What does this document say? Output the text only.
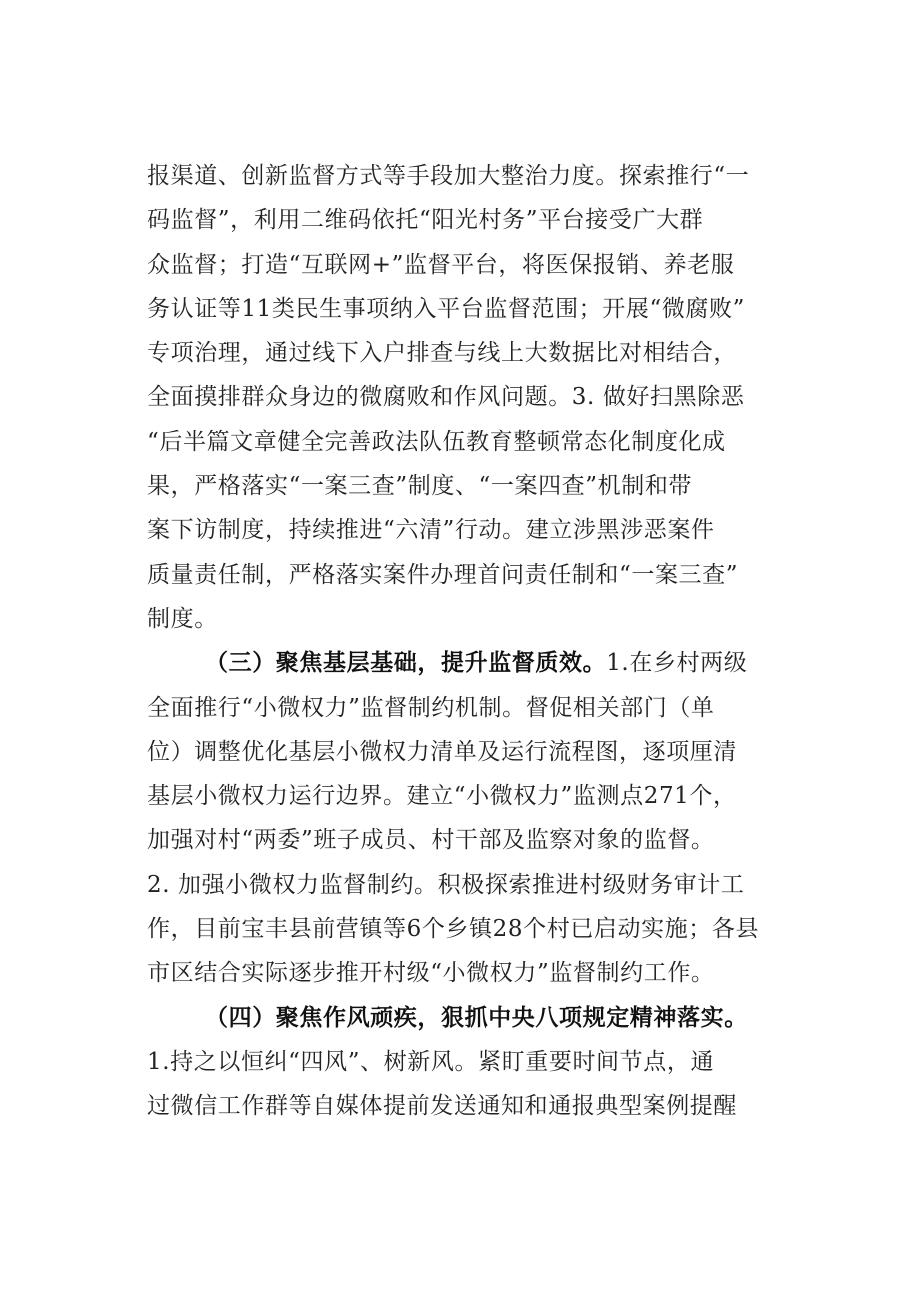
报渠道、创新监督方式等手段加大整治力度。探索推行“一
码监督”，利用二维码依托“阳光村务”平台接受广大群
众监督；打造“互联网+”监督平台，将医保报销、养老服
务认证等11类民生事项纳入平台监督范围；开展“微腐败”
专项治理，通过线下入户排查与线上大数据比对相结合，
全面摸排群众身边的微腐败和作风问题。3. 做好扫黑除恶
“后半篇文章健全完善政法队伍教育整顿常态化制度化成
果，严格落实“一案三查”制度、“一案四查”机制和带
案下访制度，持续推进“六清”行动。建立涉黑涉恶案件
质量责任制，严格落实案件办理首问责任制和“一案三查”
制度。
（三）聚焦基层基础，提升监督质效。1.在乡村两级
全面推行“小微权力”监督制约机制。督促相关部门（单
位）调整优化基层小微权力清单及运行流程图，逐项厘清
基层小微权力运行边界。建立“小微权力”监测点271个，
加强对村“两委”班子成员、村干部及监察对象的监督。
2. 加强小微权力监督制约。积极探索推进村级财务审计工
作，目前宝丰县前营镇等6个乡镇28个村已启动实施；各县
市区结合实际逐步推开村级“小微权力”监督制约工作。
（四）聚焦作风顽疾，狠抓中央八项规定精神落实。
1.持之以恒纠“四风”、树新风。紧盯重要时间节点，通
过微信工作群等自媒体提前发送通知和通报典型案例提醒
